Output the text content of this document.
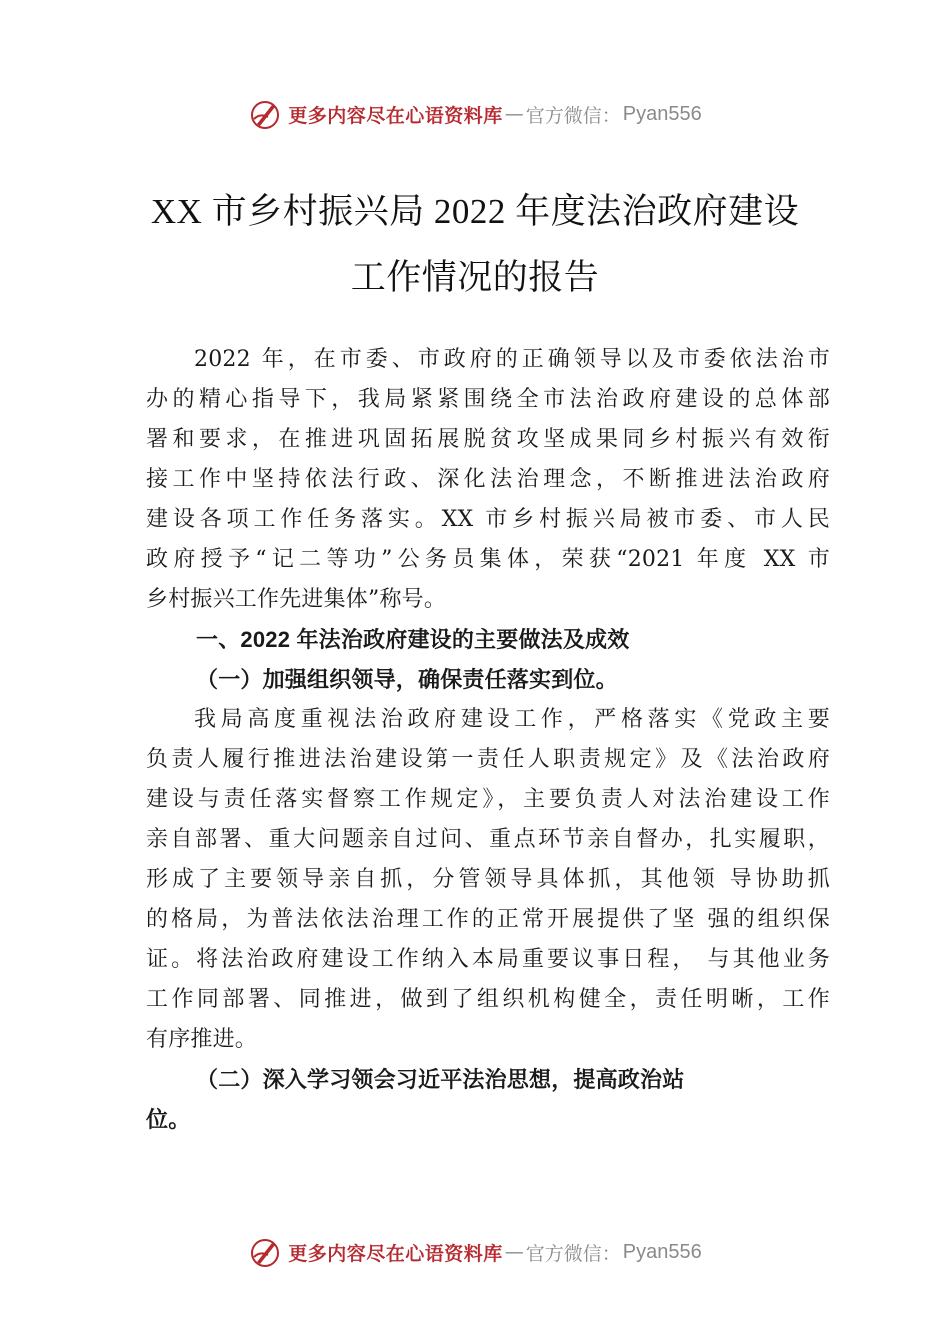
更多内容尽在心语资料库 — 官方微信： Pyan556
XX 市乡村振兴局 2022 年度法治政府建设
工作情况的报告
2022 年，在市委、市政府的正确领导以及市委依法治市
办的精心指导下，我局紧紧围绕全市法治政府建设的总体部
署和要求，在推进巩固拓展脱贫攻坚成果同乡村振兴有效衔
接工作中坚持依法行政、深化法治理念，不断推进法治政府
建设各项工作任务落实。XX 市乡村振兴局被市委、市人民
政府授予“记二等功”公务员集体，荣获“2021 年度 XX 市
乡村振兴工作先进集体”称号。
一、2022 年法治政府建设的主要做法及成效
（一）加强组织领导，确保责任落实到位。
我局高度重视法治政府建设工作，严格落实《党政主要
负责人履行推进法治建设第一责任人职责规定》及《法治政府
建设与责任落实督察工作规定》，主要负责人对法治建设工作
亲自部署、重大问题亲自过问、重点环节亲自督办，扎实履职，
形成了主要领导亲自抓，分管领导具体抓，其他领 导协助抓
的格局，为普法依法治理工作的正常开展提供了坚 强的组织保
证。将法治政府建设工作纳入本局重要议事日程， 与其他业务
工作同部署、同推进，做到了组织机构健全，责任明晰，工作
有序推进。
（二）深入学习领会习近平法治思想，提高政治站
位。
更多内容尽在心语资料库 — 官方微信： Pyan556
